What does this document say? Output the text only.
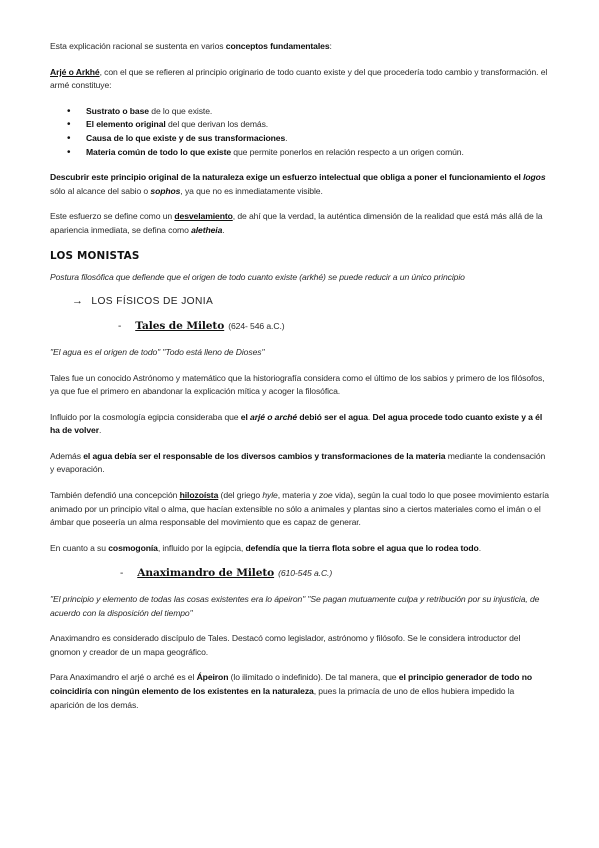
Esta explicación racional se sustenta en varios conceptos fundamentales:

Arjé o Arkhé, con el que se refieren al principio originario de todo cuanto existe y del que procedería todo cambio y transformación. el armé constituye:

• Sustrato o base de lo que existe.
• El elemento original del que derivan los demás.
• Causa de lo que existe y de sus transformaciones.
• Materia común de todo lo que existe que permite ponerlos en relación respecto a un origen común.

Descubrir este principio original de la naturaleza exige un esfuerzo intelectual que obliga a poner el funcionamiento el logos sólo al alcance del sabio o sophos, ya que no es inmediatamente visible.

Este esfuerzo se define como un desvelamiento, de ahí que la verdad, la auténtica dimensión de la realidad que está más allá de la apariencia inmediata, se defina como aletheia.

LOS MONISTAS

Postura filosófica que defiende que el origen de todo cuanto existe (arkhé) se puede reducir a un único principio

→ LOS FÍSICOS DE JONIA
- Tales de Mileto (624- 546 a.C.)

"El agua es el origen de todo" "Todo está lleno de Dioses"

Tales fue un conocido Astrónomo y matemático que la historiografía considera como el último de los sabios y primero de los filósofos, ya que fue el primero en abandonar la explicación mítica y acoger la filosófica.

Influido por la cosmología egipcia consideraba que el arjé o arché debió ser el agua. Del agua procede todo cuanto existe y a él ha de volver.

Además el agua debía ser el responsable de los diversos cambios y transformaciones de la materia mediante la condensación y evaporación.

También defendió una concepción hilozoísta (del griego hyle, materia y zoe vida), según la cual todo lo que posee movimiento estaría animado por un principio vital o alma, que hacían extensible no sólo a animales y plantas sino a ciertos materiales como el imán o el ámbar que poseería un alma responsable del movimiento que es capaz de generar.

En cuanto a su cosmogonía, influido por la egipcia, defendía que la tierra flota sobre el agua que lo rodea todo.

- Anaximandro de Mileto (610-545 a.C.)

"El principio y elemento de todas las cosas existentes era lo ápeiron" "Se pagan mutuamente culpa y retribución por su injusticia, de acuerdo con la disposición del tiempo"

Anaximandro es considerado discípulo de Tales. Destacó como legislador, astrónomo y filósofo. Se le considera introductor del gnomon y creador de un mapa geográfico.

Para Anaximandro el arjé o arché es el Ápeiron (lo ilimitado o indefinido). De tal manera, que el principio generador de todo no coincidiría con ningún elemento de los existentes en la naturaleza, pues la primacía de uno de ellos hubiera impedido la aparición de los demás.
